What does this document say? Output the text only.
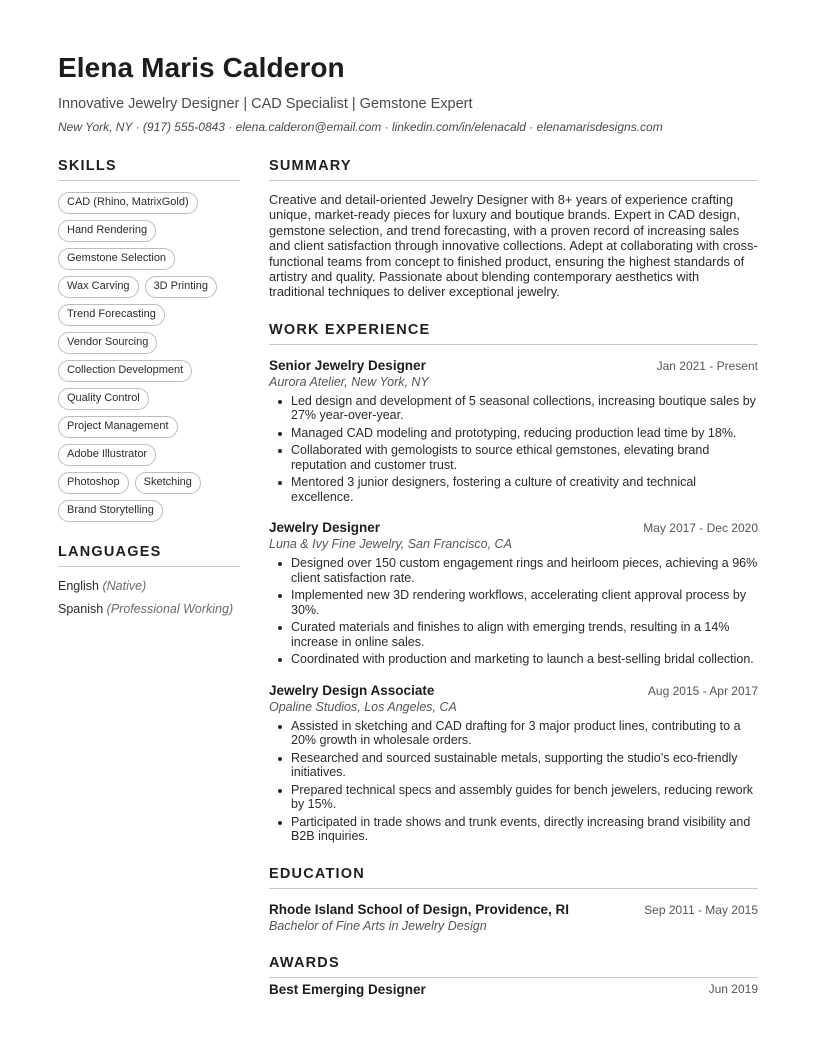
Elena Maris Calderon
Innovative Jewelry Designer | CAD Specialist | Gemstone Expert
New York, NY · (917) 555-0843 · elena.calderon@email.com · linkedin.com/in/elenacald · elenamarisdesigns.com
SKILLS
CAD (Rhino, MatrixGold)
Hand Rendering
Gemstone Selection
Wax Carving	3D Printing
Trend Forecasting
Vendor Sourcing
Collection Development
Quality Control
Project Management
Adobe Illustrator
Photoshop	Sketching
Brand Storytelling
LANGUAGES
English (Native)
Spanish (Professional Working)
SUMMARY
Creative and detail-oriented Jewelry Designer with 8+ years of experience crafting unique, market-ready pieces for luxury and boutique brands. Expert in CAD design, gemstone selection, and trend forecasting, with a proven record of increasing sales and client satisfaction through innovative collections. Adept at collaborating with cross-functional teams from concept to finished product, ensuring the highest standards of artistry and quality. Passionate about blending contemporary aesthetics with traditional techniques to deliver exceptional jewelry.
WORK EXPERIENCE
Senior Jewelry Designer	Jan 2021 - Present
Aurora Atelier, New York, NY
Led design and development of 5 seasonal collections, increasing boutique sales by 27% year-over-year.
Managed CAD modeling and prototyping, reducing production lead time by 18%.
Collaborated with gemologists to source ethical gemstones, elevating brand reputation and customer trust.
Mentored 3 junior designers, fostering a culture of creativity and technical excellence.
Jewelry Designer	May 2017 - Dec 2020
Luna & Ivy Fine Jewelry, San Francisco, CA
Designed over 150 custom engagement rings and heirloom pieces, achieving a 96% client satisfaction rate.
Implemented new 3D rendering workflows, accelerating client approval process by 30%.
Curated materials and finishes to align with emerging trends, resulting in a 14% increase in online sales.
Coordinated with production and marketing to launch a best-selling bridal collection.
Jewelry Design Associate	Aug 2015 - Apr 2017
Opaline Studios, Los Angeles, CA
Assisted in sketching and CAD drafting for 3 major product lines, contributing to a 20% growth in wholesale orders.
Researched and sourced sustainable metals, supporting the studio’s eco-friendly initiatives.
Prepared technical specs and assembly guides for bench jewelers, reducing rework by 15%.
Participated in trade shows and trunk events, directly increasing brand visibility and B2B inquiries.
EDUCATION
Rhode Island School of Design, Providence, RI	Sep 2011 - May 2015
Bachelor of Fine Arts in Jewelry Design
AWARDS
Best Emerging Designer	Jun 2019
